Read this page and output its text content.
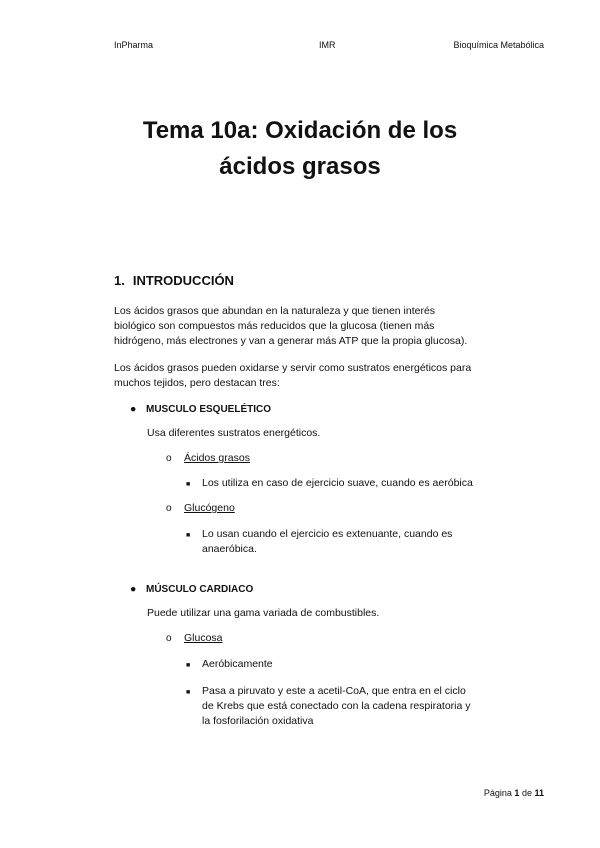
InPharma	IMR	Bioquímica Metabólica
Tema 10a: Oxidación de los
ácidos grasos
1. INTRODUCCIÓN
Los ácidos grasos que abundan en la naturaleza y que tienen interés
biológico son compuestos más reducidos que la glucosa (tienen más
hidrógeno, más electrones y van a generar más ATP que la propia glucosa).
Los ácidos grasos pueden oxidarse y servir como sustratos energéticos para
muchos tejidos, pero destacan tres:
● MUSCULO ESQUELÉTICO
Usa diferentes sustratos energéticos.
o Ácidos grasos
■ Los utiliza en caso de ejercicio suave, cuando es aeróbica
o Glucógeno
■ Lo usan cuando el ejercicio es extenuante, cuando es
anaeróbica.
● MÚSCULO CARDIACO
Puede utilizar una gama variada de combustibles.
o Glucosa
■ Aeróbicamente
■ Pasa a piruvato y este a acetil-CoA, que entra en el ciclo
de Krebs que está conectado con la cadena respiratoria y
la fosforilación oxidativa
Página 1 de 11
